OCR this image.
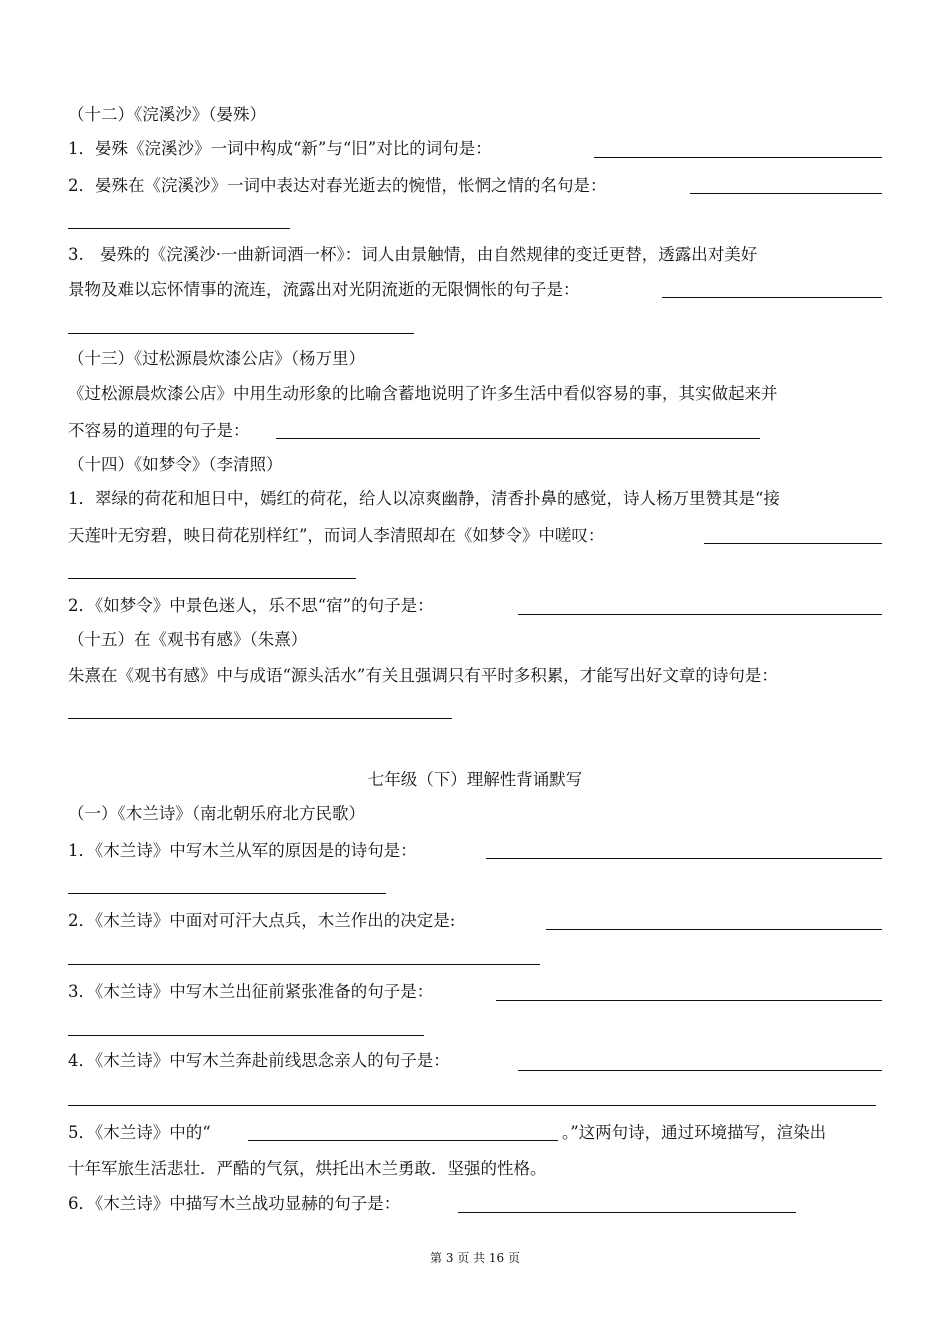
（十二）《浣溪沙》（晏殊）
1．晏殊《浣溪沙》一词中构成“新”与“旧”对比的词句是：
2．晏殊在《浣溪沙》一词中表达对春光逝去的惋惜，怅惘之情的名句是：
3.　晏殊的《浣溪沙·一曲新词酒一杯》：词人由景触情，由自然规律的变迁更替，透露出对美好
景物及难以忘怀情事的流连，流露出对光阴流逝的无限惆怅的句子是：
（十三）《过松源晨炊漆公店》（杨万里）
《过松源晨炊漆公店》中用生动形象的比喻含蓄地说明了许多生活中看似容易的事，其实做起来并
不容易的道理的句子是：
（十四）《如梦令》（李清照）
1．翠绿的荷花和旭日中，嫣红的荷花，给人以凉爽幽静，清香扑鼻的感觉，诗人杨万里赞其是“接
天莲叶无穷碧，映日荷花别样红”，而词人李清照却在《如梦令》中嗟叹：
2．《如梦令》中景色迷人，乐不思“宿”的句子是：
（十五）在《观书有感》（朱熹）
朱熹在《观书有感》中与成语“源头活水”有关且强调只有平时多积累，才能写出好文章的诗句是：
七年级（下）理解性背诵默写
（一）《木兰诗》（南北朝乐府北方民歌）
1．《木兰诗》中写木兰从军的原因是的诗句是：
2．《木兰诗》中面对可汗大点兵，木兰作出的决定是:
3．《木兰诗》中写木兰出征前紧张准备的句子是：
4．《木兰诗》中写木兰奔赴前线思念亲人的句子是：
5．《木兰诗》中的“	。”这两句诗，通过环境描写，渲染出
十年军旅生活悲壮．严酷的气氛，烘托出木兰勇敢．坚强的性格。
6．《木兰诗》中描写木兰战功显赫的句子是：
第 3 页 共 16 页
